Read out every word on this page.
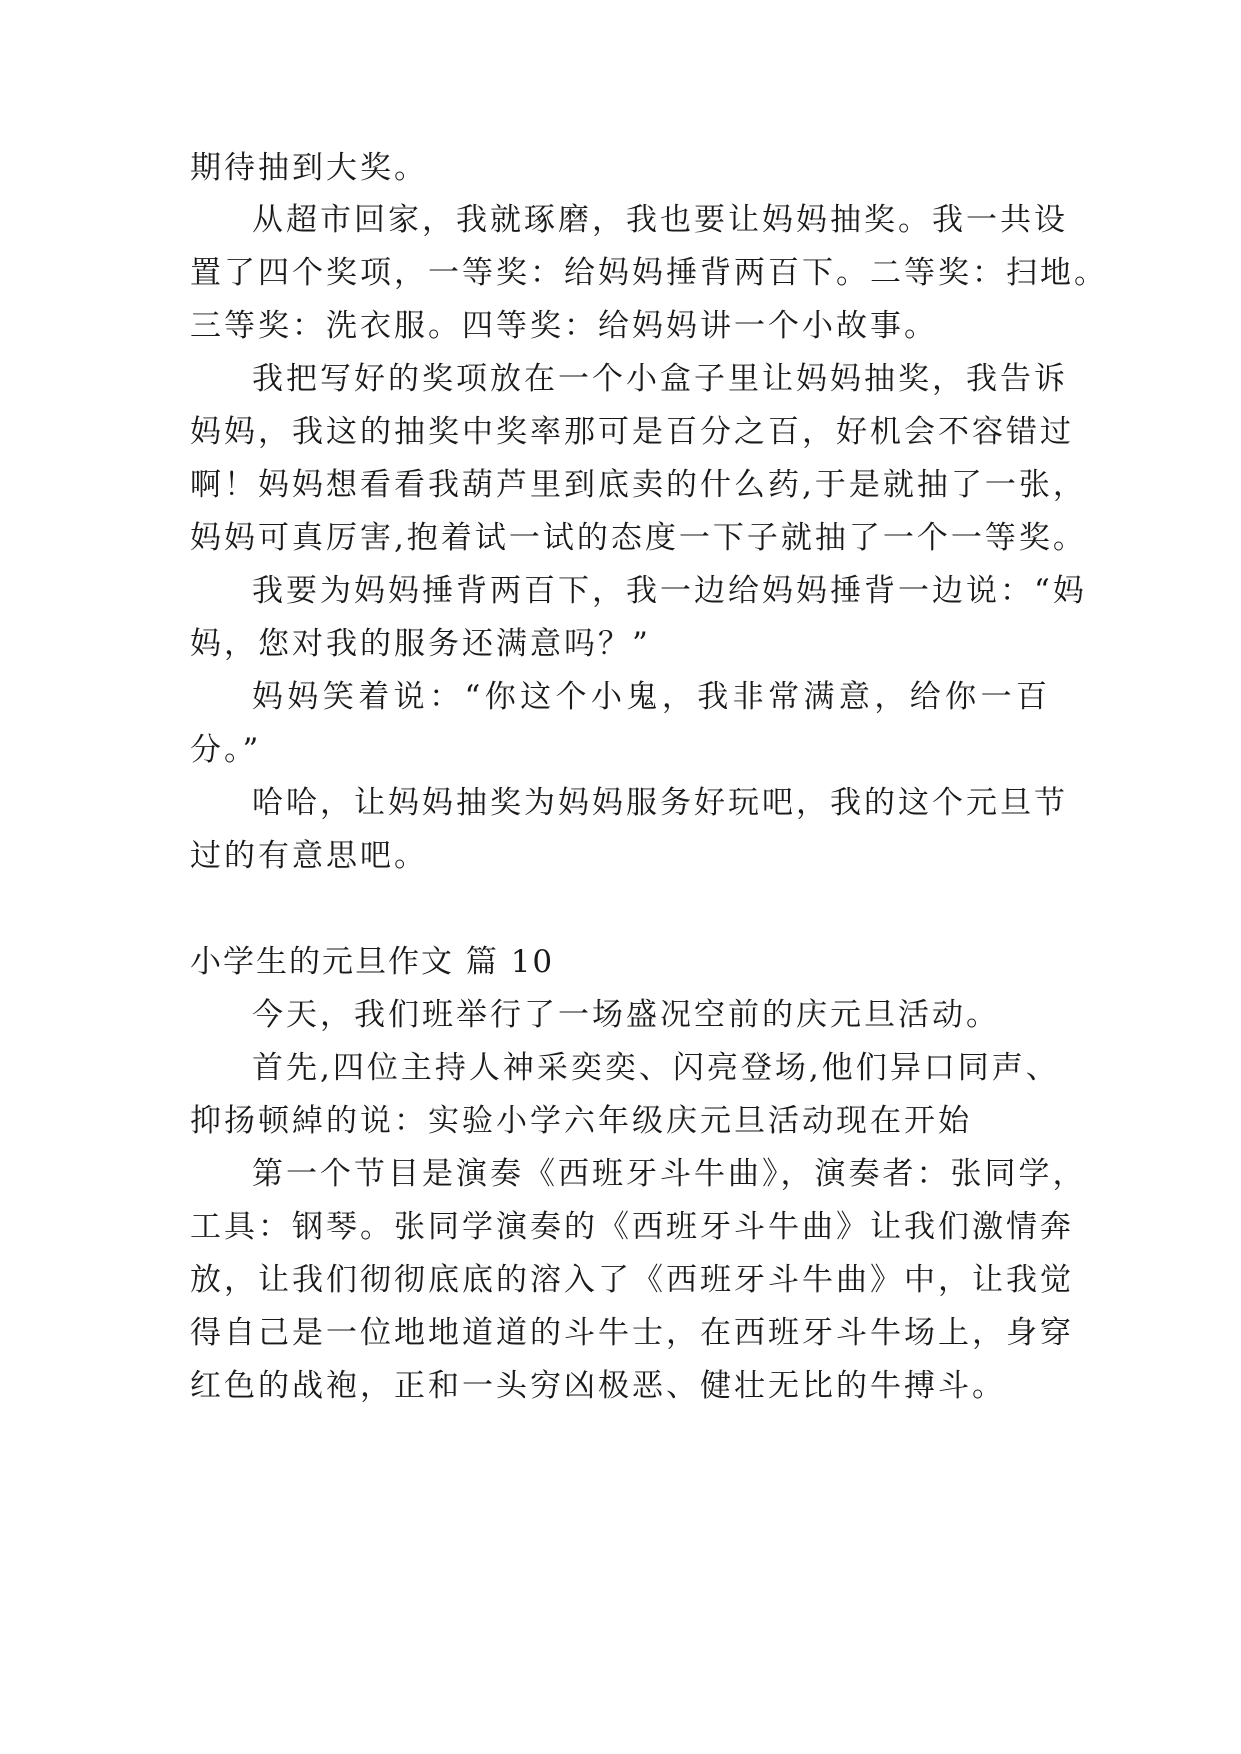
期待抽到大奖。
从超市回家，我就琢磨，我也要让妈妈抽奖。我一共设
置了四个奖项，一等奖：给妈妈捶背两百下。二等奖：扫地。
三等奖：洗衣服。四等奖：给妈妈讲一个小故事。
我把写好的奖项放在一个小盒子里让妈妈抽奖，我告诉
妈妈，我这的抽奖中奖率那可是百分之百，好机会不容错过
啊！妈妈想看看我葫芦里到底卖的什么药,于是就抽了一张，
妈妈可真厉害,抱着试一试的态度一下子就抽了一个一等奖。
我要为妈妈捶背两百下，我一边给妈妈捶背一边说：“妈
妈，您对我的服务还满意吗？”
妈妈笑着说：“你这个小鬼，我非常满意，给你一百
分。”
哈哈，让妈妈抽奖为妈妈服务好玩吧，我的这个元旦节
过的有意思吧。
小学生的元旦作文 篇 10
今天，我们班举行了一场盛况空前的庆元旦活动。
首先,四位主持人神采奕奕、闪亮登场,他们异口同声、
抑扬顿綽的说：实验小学六年级庆元旦活动现在开始
第一个节目是演奏《西班牙斗牛曲》，演奏者：张同学，
工具：钢琴。张同学演奏的《西班牙斗牛曲》让我们激情奔
放，让我们彻彻底底的溶入了《西班牙斗牛曲》中，让我觉
得自己是一位地地道道的斗牛士，在西班牙斗牛场上，身穿
红色的战袍，正和一头穷凶极恶、健壮无比的牛搏斗。
